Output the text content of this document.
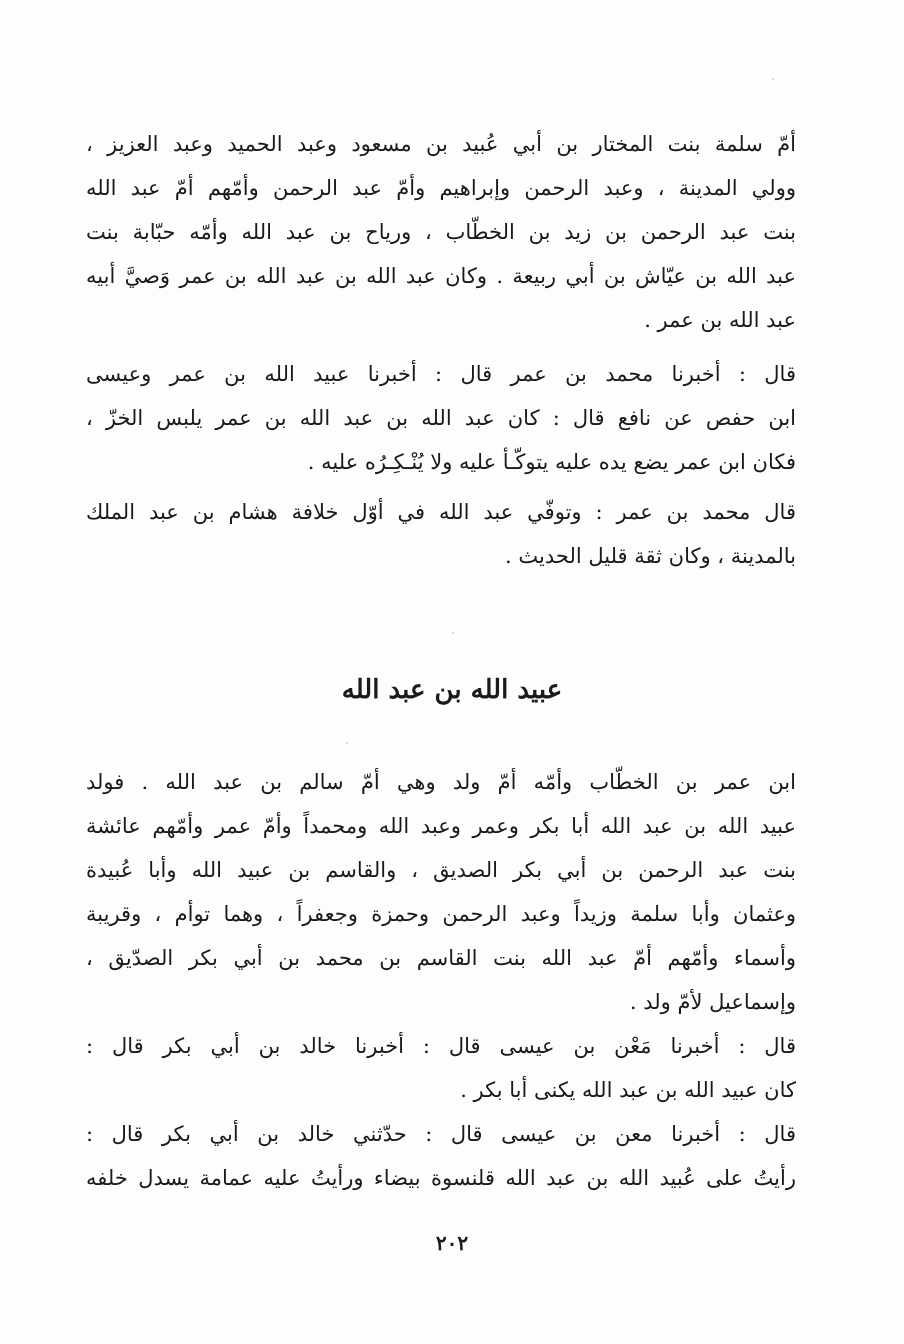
أمّ سلمة بنت المختار بن أبي عُبيد بن مسعود وعبد الحميد وعبد العزيز ،
وولي المدينة ، وعبد الرحمن وإبراهيم وأمّ عبد الرحمن وأمّهم أمّ عبد الله
بنت عبد الرحمن بن زيد بن الخطّاب ، ورياح بن عبد الله وأمّه حبّابة بنت
عبد الله بن عيّاش بن أبي ربيعة . وكان عبد الله بن عبد الله بن عمر وَصيَّ أبيه
عبد الله بن عمر .
قال : أخبرنا محمد بن عمر قال : أخبرنا عبيد الله بن عمر وعيسى
ابن حفص عن نافع قال : كان عبد الله بن عبد الله بن عمر يلبس الخزّ ،
فكان ابن عمر يضع يده عليه يتوكّـأ عليه ولا يُنْـكِـرُه عليه .
قال محمد بن عمر : وتوفّي عبد الله في أوّل خلافة هشام بن عبد الملك
بالمدينة ، وكان ثقة قليل الحديث .
عبيد الله بن عبد الله
ابن عمر بن الخطّاب وأمّه أمّ ولد وهي أمّ سالم بن عبد الله . فولد
عبيد الله بن عبد الله أبا بكر وعمر وعبد الله ومحمداً وأمّ عمر وأمّهم عائشة
بنت عبد الرحمن بن أبي بكر الصديق ، والقاسم بن عبيد الله وأبا عُبيدة
وعثمان وأبا سلمة وزيداً وعبد الرحمن وحمزة وجعفراً ، وهما توأم ، وقريبة
وأسماء وأمّهم أمّ عبد الله بنت القاسم بن محمد بن أبي بكر الصدّيق ،
وإسماعيل لأمّ ولد .
قال : أخبرنا مَعْن بن عيسى قال : أخبرنا خالد بن أبي بكر قال :
كان عبيد الله بن عبد الله يكنى أبا بكر .
قال : أخبرنا معن بن عيسى قال : حدّثني خالد بن أبي بكر قال :
رأيتُ على عُبيد الله بن عبد الله قلنسوة بيضاء ورأيتُ عليه عمامة يسدل خلفه
٢٠٢
